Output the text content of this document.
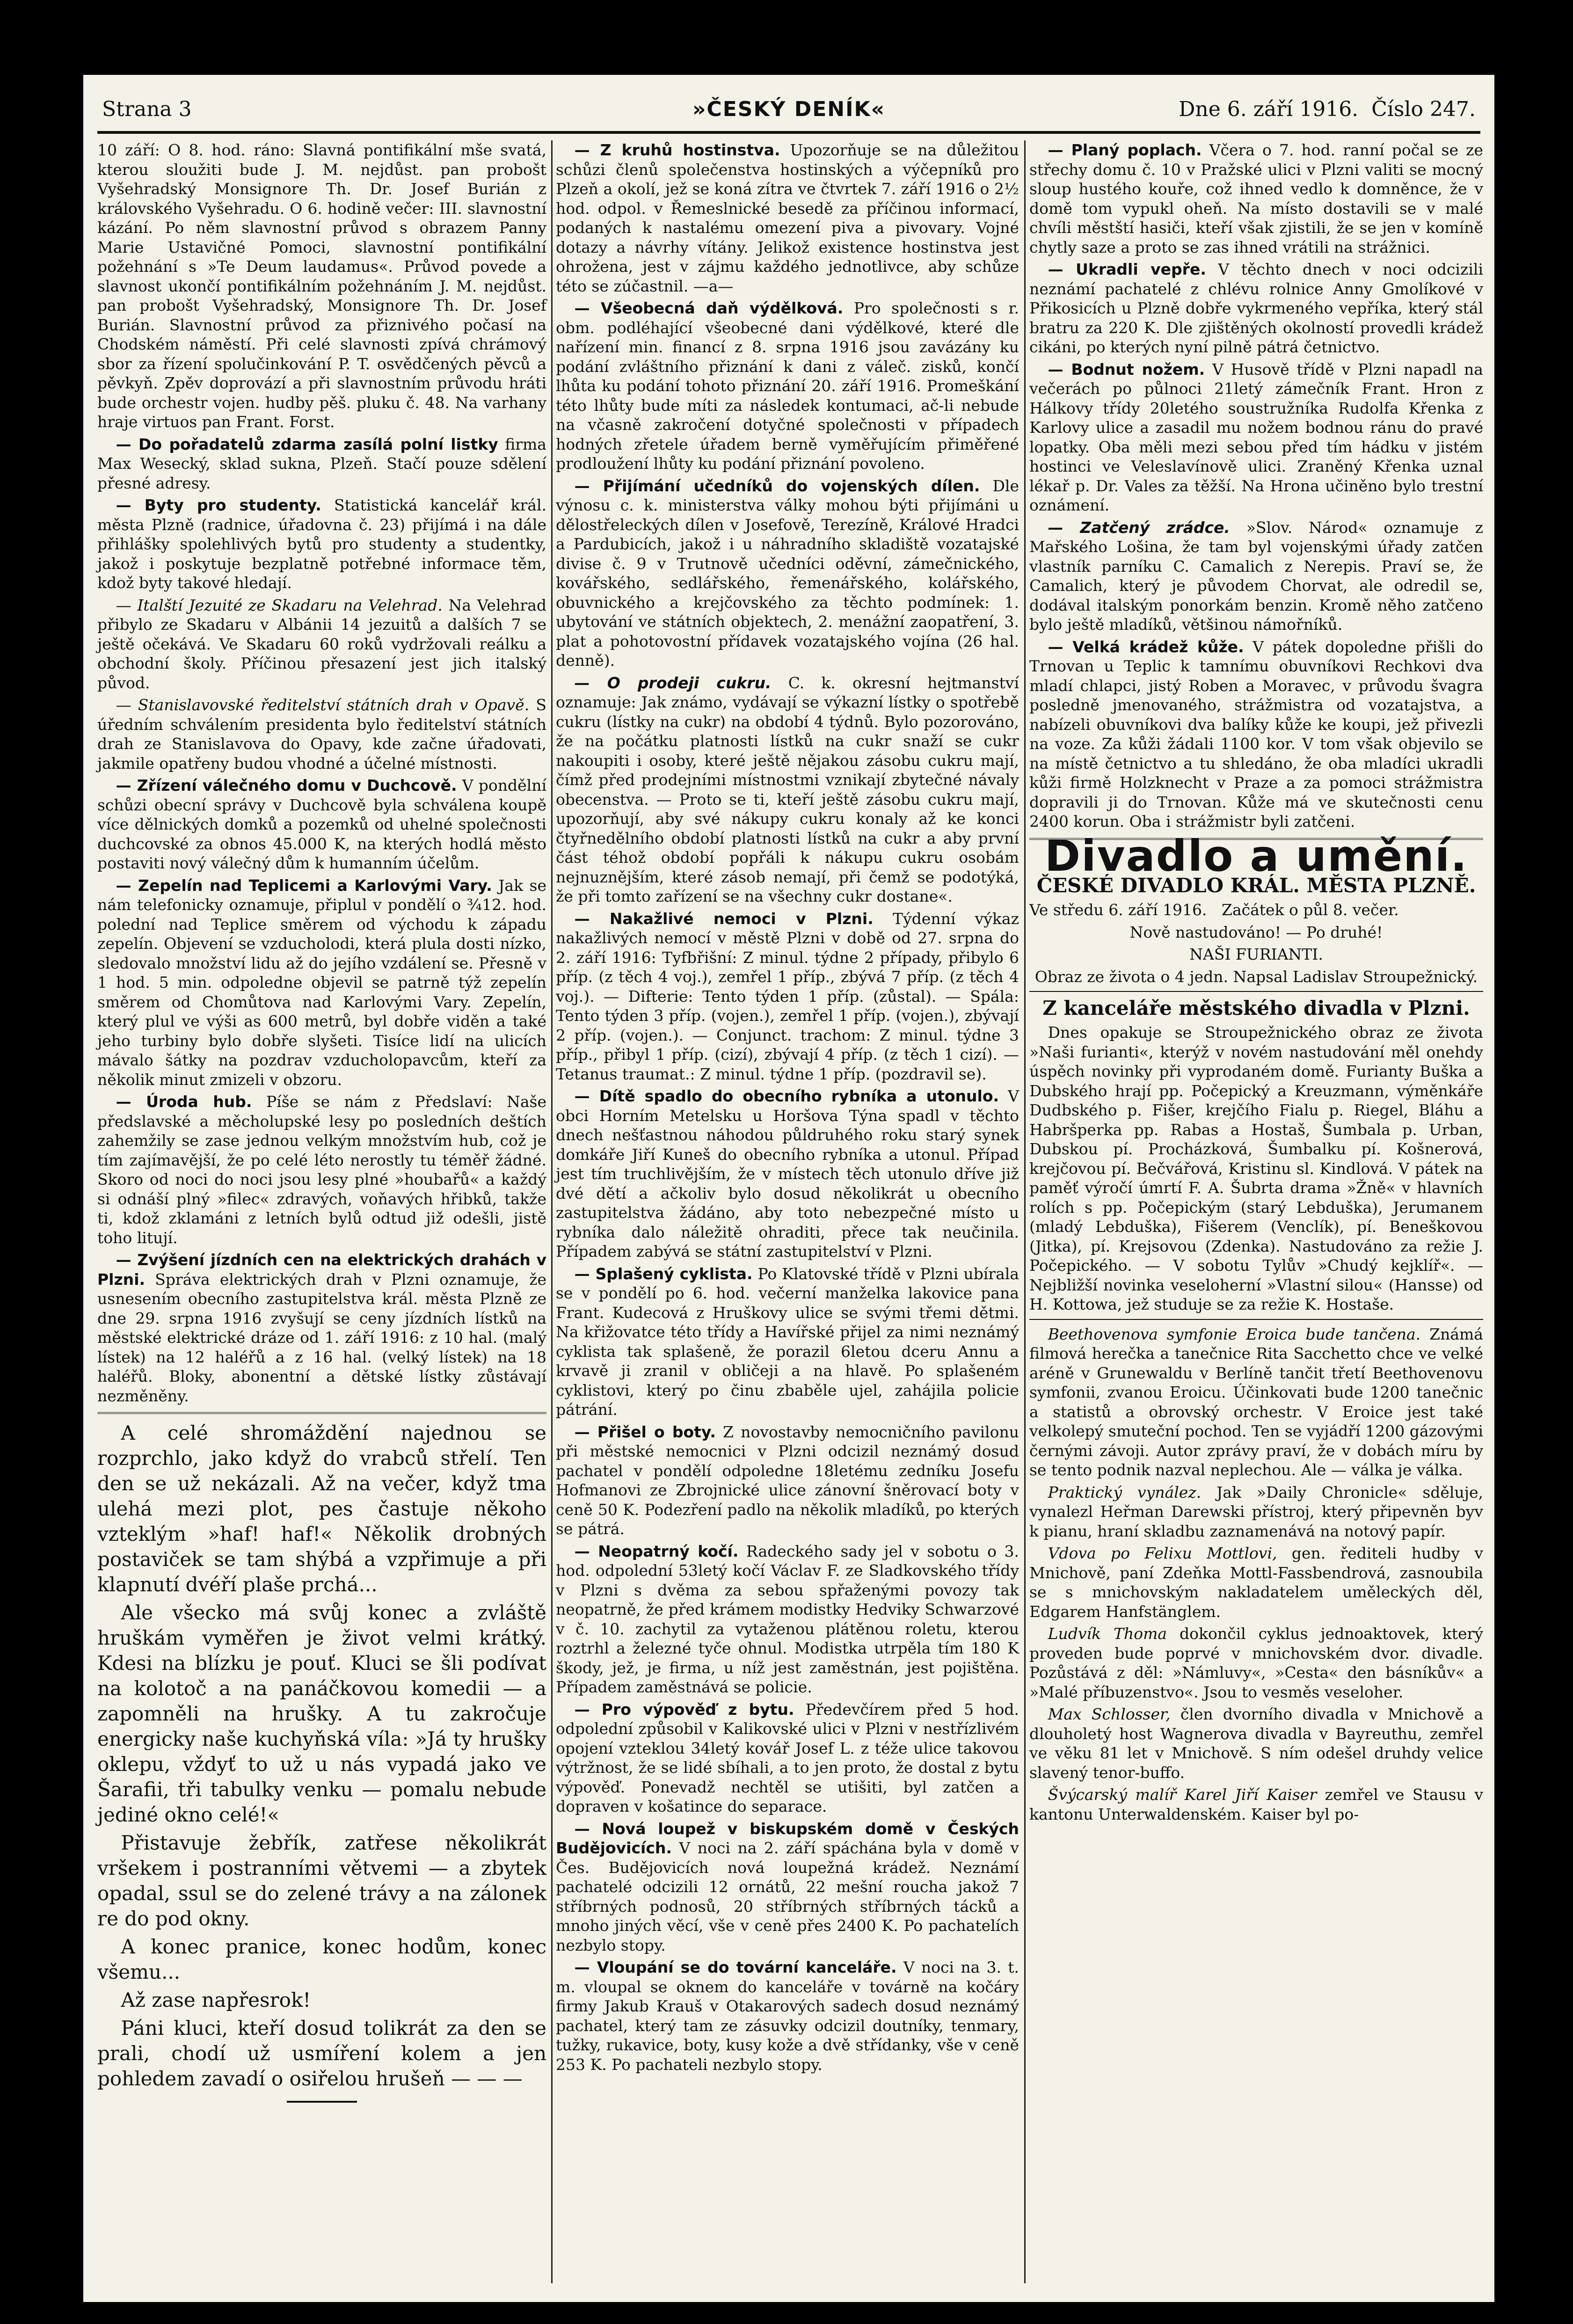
Strana 3	»ČESKÝ DENÍK«	Dne 6. září 1916. Číslo 247.

10 září: O 8. hod. ráno: Slavná pontifikální mše svatá, kterou sloužiti bude J. M. nejdůst. pan probošt Vyšehradský Monsignore Th. Dr. Josef Burián z královského Vyšehradu. O 6. hodině večer: III. slavnostní kázání. Po něm slavnostní průvod s obrazem Panny Marie Ustavičné Pomoci, slavnostní pontifikální požehnání s »Te Deum laudamus«. Průvod povede a slavnost ukončí pontifikálním požehnáním J. M. nejdůst. pan probošt Vyšehradský, Monsignore Th. Dr. Josef Burián. Slavnostní průvod za přiznivého počasí na Chodském náměstí. Při celé slavnosti zpívá chrámový sbor za řízení spolučinkování P. T. osvědčených pěvců a pěvkyň. Zpěv doprovází a při slavnostním průvodu hráti bude orchestr vojen. hudby pěš. pluku č. 48. Na varhany hraje virtuos pan Frant. Forst.

— Do pořadatelů zdarma zasílá polní listky firma Max Wesecký, sklad sukna, Plzeň. Stačí pouze sdělení přesné adresy.

— Byty pro studenty. Statistická kancelář král. města Plzně (radnice, úřadovna č. 23) přijímá i na dále přihlášky spolehlivých bytů pro studenty a studentky, jakož i poskytuje bezplatně potřebné informace těm, kdož byty takové hledají.

— Italští Jezuité ze Skadaru na Velehrad. Na Velehrad přibylo ze Skadaru v Albánii 14 jezuitů a dalších 7 se ještě očekává. Ve Skadaru 60 roků vydržovali reálku a obchodní školy. Příčinou přesazení jest jich italský původ.

— Stanislavovské ředitelství státních drah v Opavě. S úředním schválením presidenta bylo ředitelství státních drah ze Stanislavova do Opavy, kde začne úřadovati, jakmile opatřeny budou vhodné a účelné místnosti.

— Zřízení válečného domu v Duchcově. V pondělní schůzi obecní správy v Duchcově byla schválena koupě více dělnických domků a pozemků od uhelné společnosti duchcovské za obnos 45.000 K, na kterých hodlá město postaviti nový válečný dům k humanním účelům.

— Zepelín nad Teplicemi a Karlovými Vary. Jak se nám telefonicky oznamuje, připlul v pondělí o ¾12. hod. polední nad Teplice směrem od východu k západu zepelín. Objevení se vzducholodi, která plula dosti nízko, sledovalo množství lidu až do jejího vzdálení se. Přesně v 1 hod. 5 min. odpoledne objevil se patrně týž zepelín směrem od Chomůtova nad Karlovými Vary. Zepelín, který plul ve výši as 600 metrů, byl dobře viděn a také jeho turbiny bylo dobře slyšeti. Tisíce lidí na ulicích mávalo šátky na pozdrav vzducholopavcům, kteří za několik minut zmizeli v obzoru.

— Úroda hub. Píše se nám z Předslaví: Naše předslavské a měcholupské lesy po posledních deštích zahemžily se zase jednou velkým množstvím hub, což je tím zajímavější, že po celé léto nerostly tu téměř žádné. Skoro od noci do noci jsou lesy plné »houbařů« a každý si odnáší plný »filec« zdravých, voňavých hřibků, takže ti, kdož zklamáni z letních bylů odtud již odešli, jistě toho litují.

— Zvýšení jízdních cen na elektrických drahách v Plzni. Správa elektrických drah v Plzni oznamuje, že usnesením obecního zastupitelstva král. města Plzně ze dne 29. srpna 1916 zvyšují se ceny jízdních lístků na městské elektrické dráze od 1. září 1916: z 10 hal. (malý lístek) na 12 haléřů a z 16 hal. (velký lístek) na 18 haléřů. Bloky, abonentní a dětské lístky zůstávají nezměněny.

A celé shromáždění najednou se rozprchlo, jako když do vrabců střelí. Ten den se už nekázali. Až na večer, když tma ulehá mezi plot, pes častuje někoho vzteklým »haf! haf!« Několik drobných postaviček se tam shýbá a vzpřimuje a při klapnutí dvéří plaše prchá...

Ale všecko má svůj konec a zvláště hruškám vyměřen je život velmi krátký. Kdesi na blízku je pouť. Kluci se šli podívat na kolotoč a na panáčkovou komedii — a zapomněli na hrušky. A tu zakročuje energicky naše kuchyňská víla: »Já ty hrušky oklepu, vždyť to už u nás vypadá jako ve Šarafii, tři tabulky venku — pomalu nebude jediné okno celé!«

Přistavuje žebřík, zatřese několikrát vršekem i postranními větvemi — a zbytek opadal, ssul se do zelené trávy a na zálonek re do pod okny.

A konec pranice, konec hodům, konec všemu...

Až zase napřesrok!

Páni kluci, kteří dosud tolikrát za den se prali, chodí už usmíření kolem a jen pohledem zavadí o osiřelou hrušeň — — —

— Z kruhů hostinstva. Upozorňuje se na důležitou schůzi členů společenstva hostinských a výčepníků pro Plzeň a okolí, jež se koná zítra ve čtvrtek 7. září 1916 o 2½ hod. odpol. v Řemeslnické besedě za příčinou informací, podaných k nastalému omezení piva a pivovary. Vojné dotazy a návrhy vítány. Jelikož existence hostinstva jest ohrožena, jest v zájmu každého jednotlivce, aby schůze této se zúčastnil. —a—

— Všeobecná daň výdělková. Pro společnosti s r. obm. podléhající všeobecné dani výdělkové, které dle nařízení min. financí z 8. srpna 1916 jsou zavázány ku podání zvláštního přiznání k dani z váleč. zisků, končí lhůta ku podání tohoto přiznání 20. září 1916. Promeškání této lhůty bude míti za následek kontumaci, ač-li nebude na včasně zakročení dotyčné společnosti v případech hodných zřetele úřadem berně vyměřujícím přiměřené prodloužení lhůty ku podání přiznání povoleno.

— Přijímání učedníků do vojenských dílen. Dle výnosu c. k. ministerstva války mohou býti přijímáni u dělostřeleckých dílen v Josefově, Terezíně, Králové Hradci a Pardubicích, jakož i u náhradního skladiště vozatajské divise č. 9 v Trutnově učedníci oděvní, zámečnického, kovářského, sedlářského, řemenářského, kolářského, obuvnického a krejčovského za těchto podmínek: 1. ubytování ve státních objektech, 2. menážní zaopatření, 3. plat a pohotovostní přídavek vozatajského vojína (26 hal. denně).

— O prodeji cukru. C. k. okresní hejtmanství oznamuje: Jak známo, vydávají se výkazní lístky o spotřebě cukru (lístky na cukr) na období 4 týdnů. Bylo pozorováno, že na počátku platnosti lístků na cukr snaží se cukr nakoupiti i osoby, které ještě nějakou zásobu cukru mají, čímž před prodejními místnostmi vznikají zbytečné návaly obecenstva. — Proto se ti, kteří ještě zásobu cukru mají, upozorňují, aby své nákupy cukru konaly až ke konci čtyřnedělního období platnosti lístků na cukr a aby první část téhož období popřáli k nákupu cukru osobám nejnuznějším, které zásob nemají, při čemž se podotýká, že při tomto zařízení se na všechny cukr dostane«.

— Nakažlivé nemoci v Plzni. Týdenní výkaz nakažlivých nemocí v městě Plzni v době od 27. srpna do 2. září 1916: Tyfbřišní: Z minul. týdne 2 případy, přibylo 6 příp. (z těch 4 voj.), zemřel 1 příp., zbývá 7 příp. (z těch 4 voj.). — Difterie: Tento týden 1 příp. (zůstal). — Spála: Tento týden 3 příp. (vojen.), zemřel 1 příp. (vojen.), zbývají 2 příp. (vojen.). — Conjunct. trachom: Z minul. týdne 3 příp., přibyl 1 příp. (cizí), zbývají 4 příp. (z těch 1 cizí). — Tetanus traumat.: Z minul. týdne 1 příp. (pozdravil se).

— Dítě spadlo do obecního rybníka a utonulo. V obci Horním Metelsku u Horšova Týna spadl v těchto dnech nešťastnou náhodou půldruhého roku starý synek domkáře Jiří Kuneš do obecního rybníka a utonul. Případ jest tím truchlivějším, že v místech těch utonulo dříve již dvé dětí a ačkoliv bylo dosud několikrát u obecního zastupitelstva žádáno, aby toto nebezpečné místo u rybníka dalo náležitě ohraditi, přece tak neučinila. Případem zabývá se státní zastupitelství v Plzni.

— Splašený cyklista. Po Klatovské třídě v Plzni ubírala se v pondělí po 6. hod. večerní manželka lakovice pana Frant. Kudecová z Hruškovy ulice se svými třemi dětmi. Na křižovatce této třídy a Havířské přijel za nimi neznámý cyklista tak splašeně, že porazil 6letou dceru Annu a krvavě ji zranil v obličeji a na hlavě. Po splašeném cyklistovi, který po činu zbaběle ujel, zahájila policie pátrání.

— Přišel o boty. Z novostavby nemocničního pavilonu při městské nemocnici v Plzni odcizil neznámý dosud pachatel v pondělí odpoledne 18letému zedníku Josefu Hofmanovi ze Zbrojnické ulice zánovní šněrovací boty v ceně 50 K. Podezření padlo na několik mladíků, po kterých se pátrá.

— Neopatrný kočí. Radeckého sady jel v sobotu o 3. hod. odpolední 53letý kočí Václav F. ze Sladkovského třídy v Plzni s dvěma za sebou spřaženými povozy tak neopatrně, že před krámem modistky Hedviky Schwarzové v č. 10. zachytil za vytaženou plátěnou roletu, kterou roztrhl a železné tyče ohnul. Modistka utrpěla tím 180 K škody, jež, je firma, u níž jest zaměstnán, jest pojištěna. Případem zaměstnává se policie.

— Pro výpověď z bytu. Předevčírem před 5 hod. odpolední způsobil v Kalikovské ulici v Plzni v nestřízlivém opojení vzteklou 34letý kovář Josef L. z téže ulice takovou výtržnost, že se lidé sbíhali, a to jen proto, že dostal z bytu výpověď. Ponevadž nechtěl se utišiti, byl zatčen a dopraven v košatince do separace.

— Nová loupež v biskupském domě v Českých Budějovicích. V noci na 2. září spáchána byla v domě v Čes. Budějovicích nová loupežná krádež. Neznámí pachatelé odcizili 12 ornátů, 22 mešní roucha jakož 7 stříbrných podnosů, 20 stříbrných stříbrných tácků a mnoho jiných věcí, vše v ceně přes 2400 K. Po pachatelích nezbylo stopy.

— Vloupání se do tovární kanceláře. V noci na 3. t. m. vloupal se oknem do kanceláře v továrně na kočáry firmy Jakub Krauš v Otakarových sadech dosud neznámý pachatel, který tam ze zásuvky odcizil doutníky, tenmary, tužky, rukavice, boty, kusy kože a dvě střídanky, vše v ceně 253 K. Po pachateli nezbylo stopy.

— Planý poplach. Včera o 7. hod. ranní počal se ze střechy domu č. 10 v Pražské ulici v Plzni valiti se mocný sloup hustého kouře, což ihned vedlo k domněnce, že v domě tom vypukl oheň. Na místo dostavili se v malé chvíli městští hasiči, kteří však zjistili, že se jen v komíně chytly saze a proto se zas ihned vrátili na strážnici.

— Ukradli vepře. V těchto dnech v noci odcizili neznámí pachatelé z chlévu rolnice Anny Gmolíkové v Přikosicích u Plzně dobře vykrmeného vepříka, který stál bratru za 220 K. Dle zjištěných okolností provedli krádež cikáni, po kterých nyní pilně pátrá četnictvo.

— Bodnut nožem. V Husově třídě v Plzni napadl na večerách po půlnoci 21letý zámečník Frant. Hron z Hálkovy třídy 20letého soustružníka Rudolfa Křenka z Karlovy ulice a zasadil mu nožem bodnou ránu do pravé lopatky. Oba měli mezi sebou před tím hádku v jistém hostinci ve Veleslavínově ulici. Zraněný Křenka uznal lékař p. Dr. Vales za těžší. Na Hrona učiněno bylo trestní oznámení.

— Zatčený zrádce. »Slov. Národ« oznamuje z Mařského Lošina, že tam byl vojenskými úřady zatčen vlastník parníku C. Camalich z Nerepis. Praví se, že Camalich, který je původem Chorvat, ale odredil se, dodával italským ponorkám benzin. Kromě něho zatčeno bylo ještě mladíků, většinou námořníků.

— Velká krádež kůže. V pátek dopoledne přišli do Trnovan u Teplic k tamnímu obuvníkovi Rechkovi dva mladí chlapci, jistý Roben a Moravec, v průvodu švagra posledně jmenovaného, strážmistra od vozatajstva, a nabízeli obuvníkovi dva balíky kůže ke koupi, jež přivezli na voze. Za kůži žádali 1100 kor. V tom však objevilo se na místě četnictvo a tu shledáno, že oba mladíci ukradli kůži firmě Holzknecht v Praze a za pomoci strážmistra dopravili ji do Trnovan. Kůže má ve skutečnosti cenu 2400 korun. Oba i strážmistr byli zatčeni.

Divadlo a umění.

ČESKÉ DIVADLO KRÁL. MĚSTA PLZNĚ.

Ve středu 6. září 1916. Začátek o půl 8. večer.

Nově nastudováno! — Po druhé!

NAŠI FURIANTI.

Obraz ze života o 4 jedn. Napsal Ladislav Stroupežnický.

Z kanceláře městského divadla v Plzni.

Dnes opakuje se Stroupežnického obraz ze života »Naši furianti«, kterýž v novém nastudování měl onehdy úspěch novinky při vyprodaném domě. Furianty Buška a Dubského hrají pp. Počepický a Kreuzmann, výměnkáře Dudbského p. Fišer, krejčího Fialu p. Riegel, Bláhu a Habršperka pp. Rabas a Hostaš, Šumbala p. Urban, Dubskou pí. Procházková, Šumbalku pí. Košnerová, krejčovou pí. Bečvářová, Kristinu sl. Kindlová. V pátek na paměť výročí úmrtí F. A. Šubrta drama »Žně« v hlavních rolích s pp. Počepickým (starý Lebduška), Jerumanem (mladý Lebduška), Fišerem (Venclík), pí. Beneškovou (Jitka), pí. Krejsovou (Zdenka). Nastudováno za režie J. Počepického. — V sobotu Tylův »Chudý kejklíř«. — Nejbližší novinka veseloherní »Vlastní silou« (Hansse) od H. Kottowa, jež studuje se za režie K. Hostaše.

Beethovenova symfonie Eroica bude tančena. Známá filmová herečka a tanečnice Rita Sacchetto chce ve velké aréně v Grunewaldu v Berlíně tančit třetí Beethovenovu symfonii, zvanou Eroicu. Účinkovati bude 1200 tanečnic a statistů a obrovský orchestr. V Eroice jest také velkolepý smuteční pochod. Ten se vyjádří 1200 gázovými černými závoji. Autor zprávy praví, že v dobách míru by se tento podnik nazval neplechou. Ale — válka je válka.

Praktický vynález. Jak »Daily Chronicle« sděluje, vynalezl Heřman Darewski přístroj, který připevněn byv k pianu, hraní skladbu zaznamenává na notový papír.

Vdova po Felixu Mottlovi, gen. řediteli hudby v Mnichově, paní Zdeňka Mottl-Fassbendrová, zasnoubila se s mnichovským nakladatelem uměleckých děl, Edgarem Hanfstänglem.

Ludvík Thoma dokončil cyklus jednoaktovek, který proveden bude poprvé v mnichovském dvor. divadle. Pozůstává z děl: »Námluvy«, »Cesta« den básníkův« a »Malé příbuzenstvo«. Jsou to vesměs veseloher.

Max Schlosser, člen dvorního divadla v Mnichově a dlouholetý host Wagnerova divadla v Bayreuthu, zemřel ve věku 81 let v Mnichově. S ním odešel druhdy velice slavený tenor-buffo.

Švýcarský malíř Karel Jiří Kaiser zemřel ve Stausu v kantonu Unterwaldenském. Kaiser byl po-
